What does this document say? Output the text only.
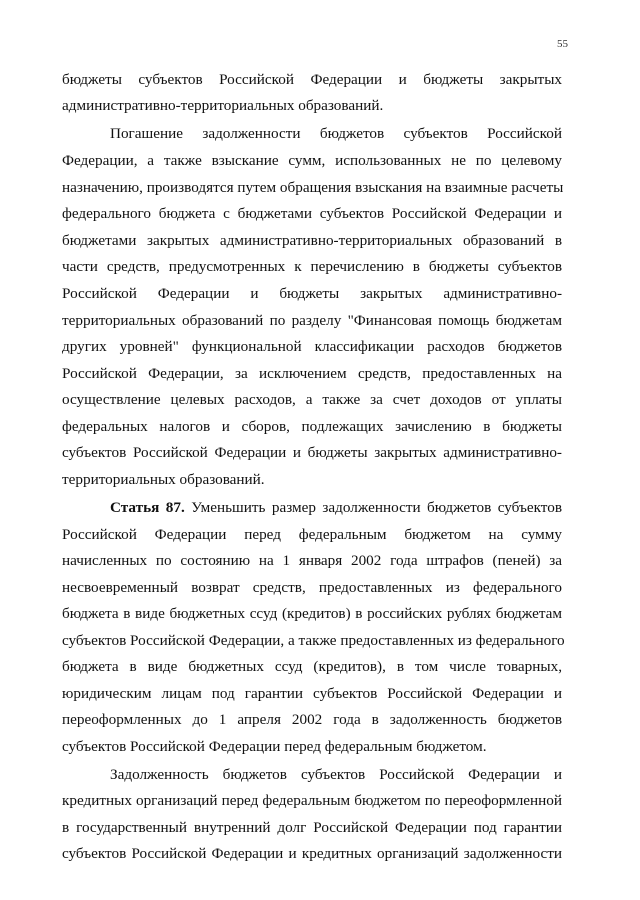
55
бюджеты субъектов Российской Федерации и бюджеты закрытых
административно-территориальных образований.
Погашение задолженности бюджетов субъектов Российской
Федерации, а также взыскание сумм, использованных не по целевому
назначению, производятся путем обращения взыскания на взаимные расчеты
федерального бюджета с бюджетами субъектов Российской Федерации и
бюджетами закрытых административно-территориальных образований в
части средств, предусмотренных к перечислению в бюджеты субъектов
Российской Федерации и бюджеты закрытых административно-
территориальных образований по разделу "Финансовая помощь бюджетам
других уровней" функциональной классификации расходов бюджетов
Российской Федерации, за исключением средств, предоставленных на
осуществление целевых расходов, а также за счет доходов от уплаты
федеральных налогов и сборов, подлежащих зачислению в бюджеты
субъектов Российской Федерации и бюджеты закрытых административно-
территориальных образований.
Статья 87. Уменьшить размер задолженности бюджетов субъектов
Российской Федерации перед федеральным бюджетом на сумму
начисленных по состоянию на 1 января 2002 года штрафов (пеней) за
несвоевременный возврат средств, предоставленных из федерального
бюджета в виде бюджетных ссуд (кредитов) в российских рублях бюджетам
субъектов Российской Федерации, а также предоставленных из федерального
бюджета в виде бюджетных ссуд (кредитов), в том числе товарных,
юридическим лицам под гарантии субъектов Российской Федерации и
переоформленных до 1 апреля 2002 года в задолженность бюджетов
субъектов Российской Федерации перед федеральным бюджетом.
Задолженность бюджетов субъектов Российской Федерации и
кредитных организаций перед федеральным бюджетом по переоформленной
в государственный внутренний долг Российской Федерации под гарантии
субъектов Российской Федерации и кредитных организаций задолженности
